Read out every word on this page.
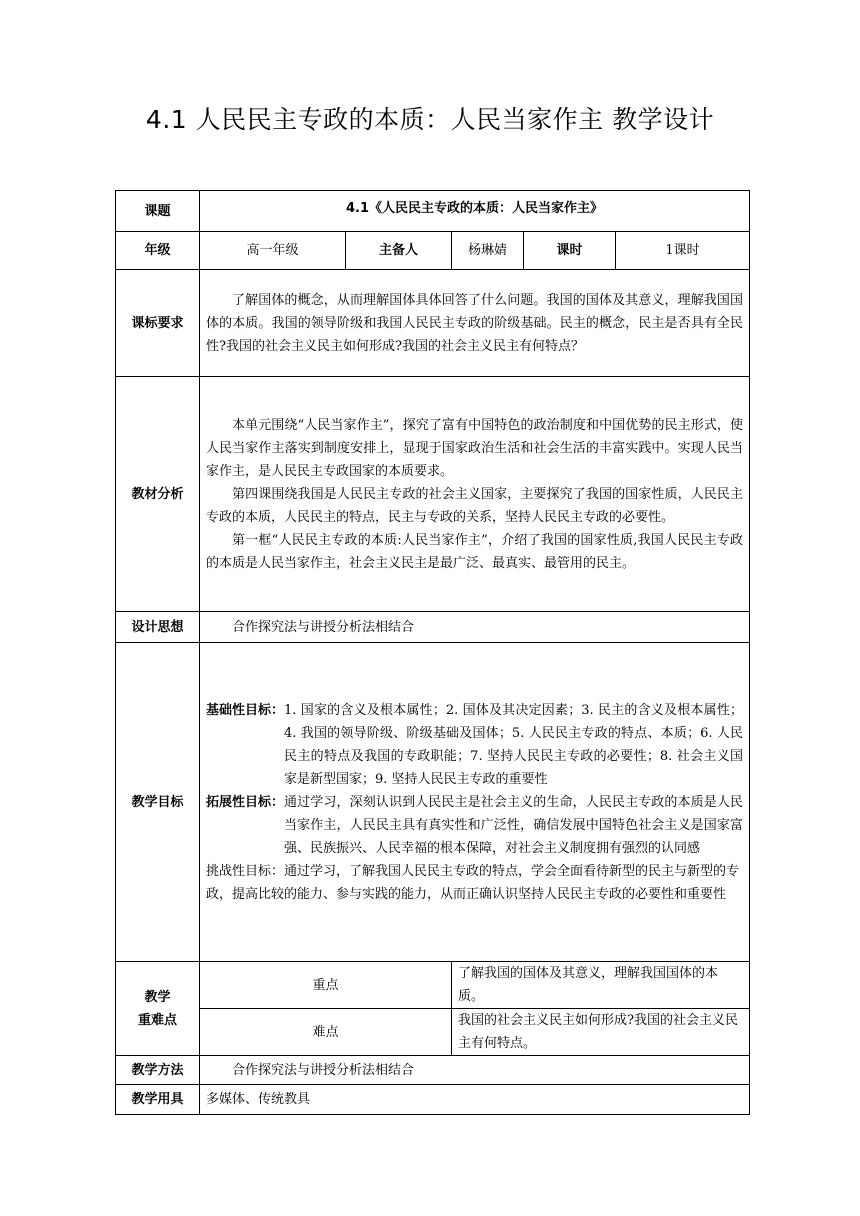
4.1 人民民主专政的本质：人民当家作主 教学设计
课题	4.1《人民民主专政的本质：人民当家作主》				
年级	高一年级	主备人	杨琳婧	课时	1课时
课标要求	了解国体的概念，从而理解国体具体回答了什么问题。我国的国体及其意义，理解我国国体的本质。我国的领导阶级和我国人民民主专政的阶级基础。民主的概念，民主是否具有全民性?我国的社会主义民主如何形成?我国的社会主义民主有何特点？				

教材分析	本单元围绕“人民当家作主”，探究了富有中国特色的政治制度和中国优势的民主形式，使人民当家作主落实到制度安排上，显现于国家政治生活和社会生活的丰富实践中。实现人民当家作主，是人民民主专政国家的本质要求。

第四课围绕我国是人民民主专政的社会主义国家，主要探究了我国的国家性质，人民民主专政的本质，人民民主的特点，民主与专政的关系，坚持人民民主专政的必要性。

第一框“人民民主专政的本质:人民当家作主”，介绍了我国的国家性质,我国人民民主专政的本质是人民当家作主，社会主义民主是最广泛、最真实、最管用的民主。				

设计思想	合作探究法与讲授分析法相结合				

教学目标	基础性目标： 1. 国家的含义及根本属性；2. 国体及其决定因素；3. 民主的含义及根本属性；4. 我国的领导阶级、阶级基础及国体；5. 人民民主专政的特点、本质；6. 人民民主的特点及我国的专政职能；7. 坚持人民民主专政的必要性；8. 社会主义国家是新型国家；9. 坚持人民民主专政的重要性
拓展性目标： 通过学习，深刻认识到人民民主是社会主义的生命，人民民主专政的本质是人民当家作主，人民民主具有真实性和广泛性，确信发展中国特色社会主义是国家富强、民族振兴、人民幸福的根本保障，对社会主义制度拥有强烈的认同感
挑战性目标：通过学习，了解我国人民民主专政的特点，学会全面看待新型的民主与新型的专政，提高比较的能力、参与实践的能力，从而正确认识坚持人民民主专政的必要性和重要性				

教学
重难点	重点		了解我国的国体及其意义，理解我国国体的本质。		
	难点		我国的社会主义民主如何形成?我国的社会主义民主有何特点。		
教学方法	合作探究法与讲授分析法相结合				

教学用具	多媒体、传统教具				
